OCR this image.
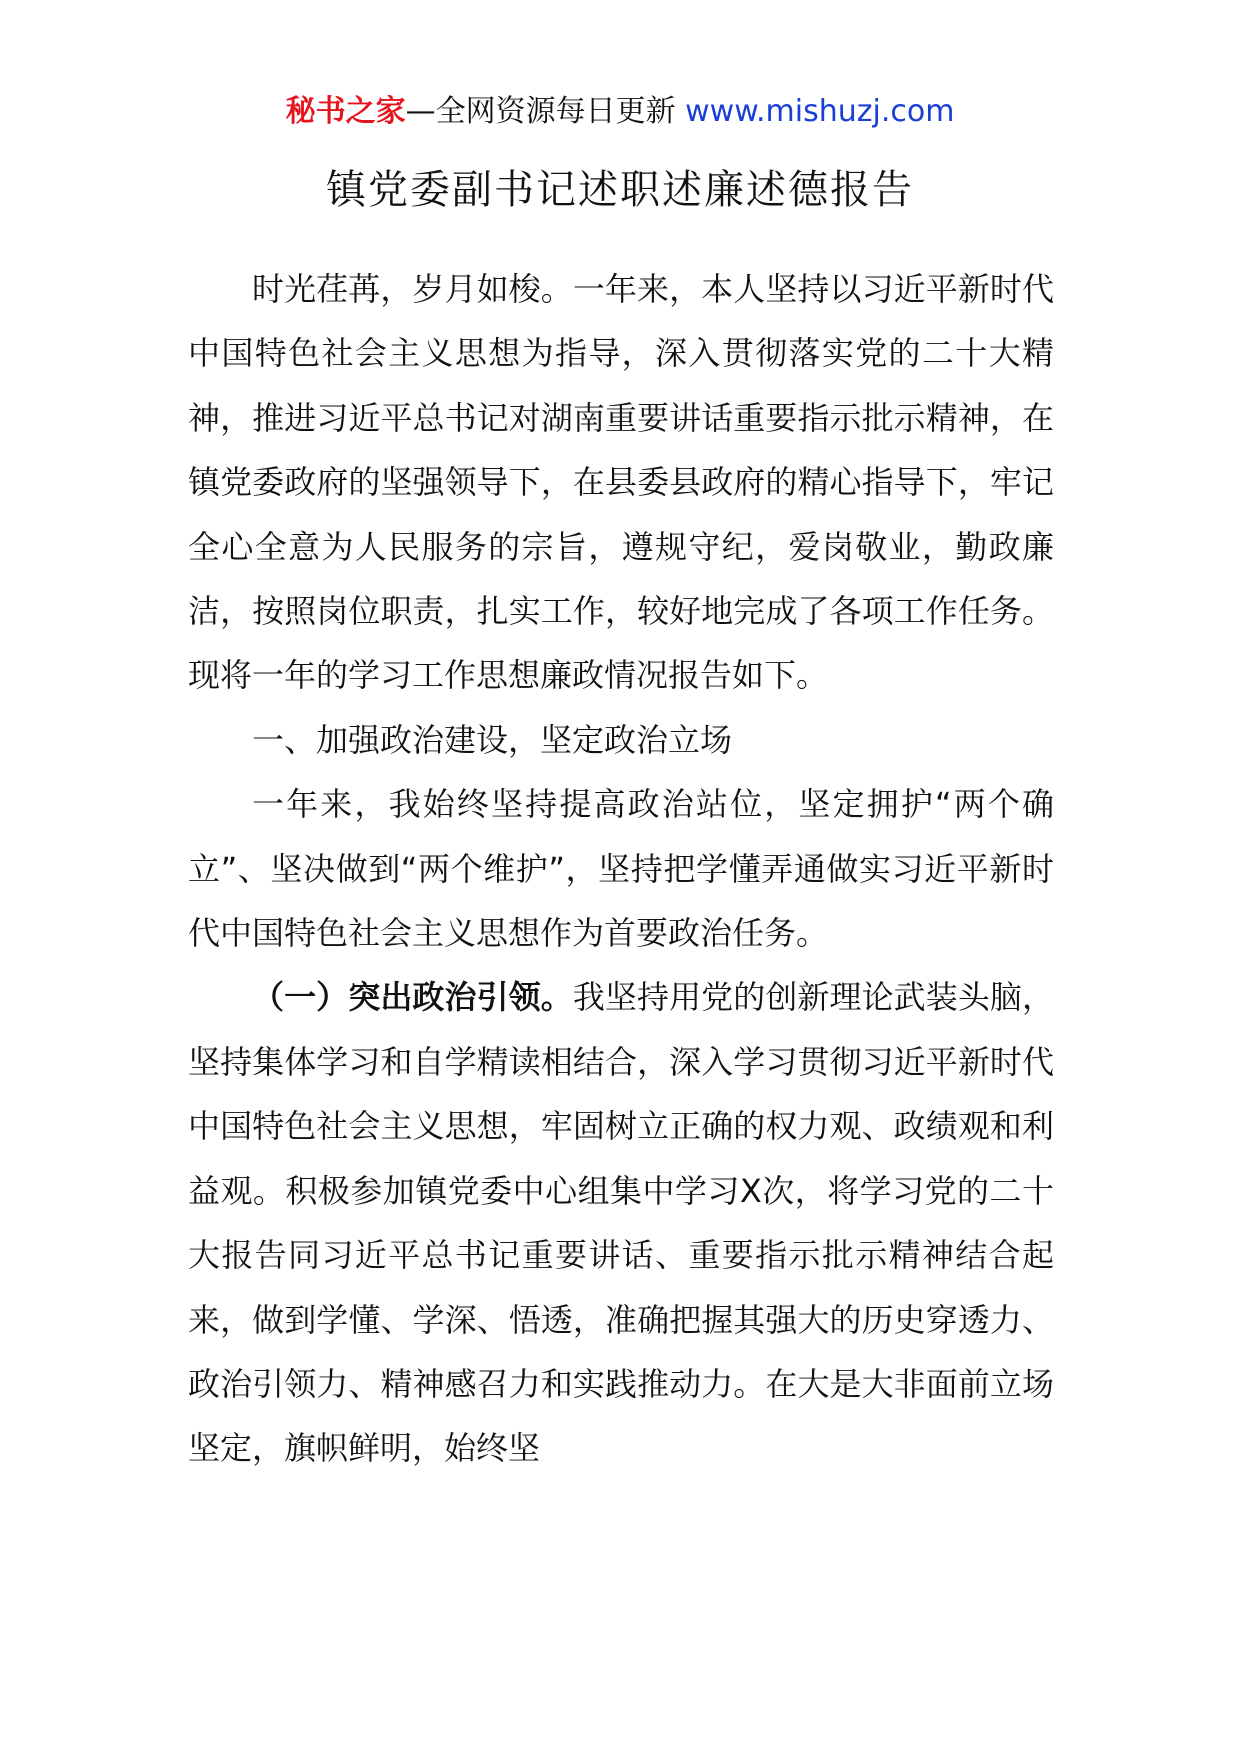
秘书之家—全网资源每日更新 www.mishuzj.com
镇党委副书记述职述廉述德报告

时光荏苒，岁月如梭。一年来，本人坚持以习近平新时代中国特色社会主义思想为指导，深入贯彻落实党的二十大精神，推进习近平总书记对湖南重要讲话重要指示批示精神，在镇党委政府的坚强领导下，在县委县政府的精心指导下，牢记全心全意为人民服务的宗旨，遵规守纪，爱岗敬业，勤政廉洁，按照岗位职责，扎实工作，较好地完成了各项工作任务。现将一年的学习工作思想廉政情况报告如下。

一、加强政治建设，坚定政治立场

一年来，我始终坚持提高政治站位，坚定拥护“两个确立”、坚决做到“两个维护”，坚持把学懂弄通做实习近平新时代中国特色社会主义思想作为首要政治任务。

（一）突出政治引领。我坚持用党的创新理论武装头脑，坚持集体学习和自学精读相结合，深入学习贯彻习近平新时代中国特色社会主义思想，牢固树立正确的权力观、政绩观和利益观。积极参加镇党委中心组集中学习X次，将学习党的二十大报告同习近平总书记重要讲话、重要指示批示精神结合起来，做到学懂、学深、悟透，准确把握其强大的历史穿透力、政治引领力、精神感召力和实践推动力。在大是大非面前立场坚定，旗帜鲜明，始终坚
